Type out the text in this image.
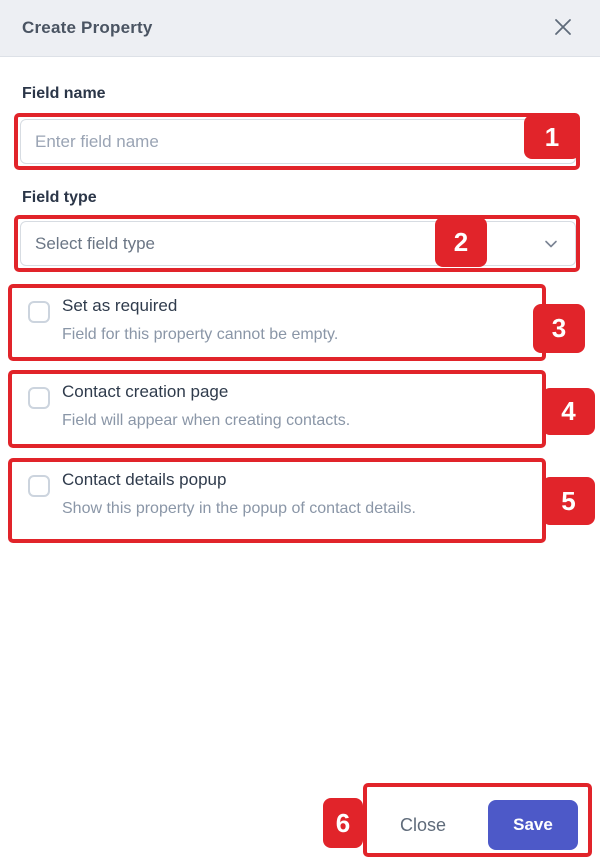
Create Property
Field name
Enter field name
Field type
Select field type
Set as required
Field for this property cannot be empty.
Contact creation page
Field will appear when creating contacts.
Contact details popup
Show this property in the popup of contact details.
Close	Save
1
2
3
4
5
6
